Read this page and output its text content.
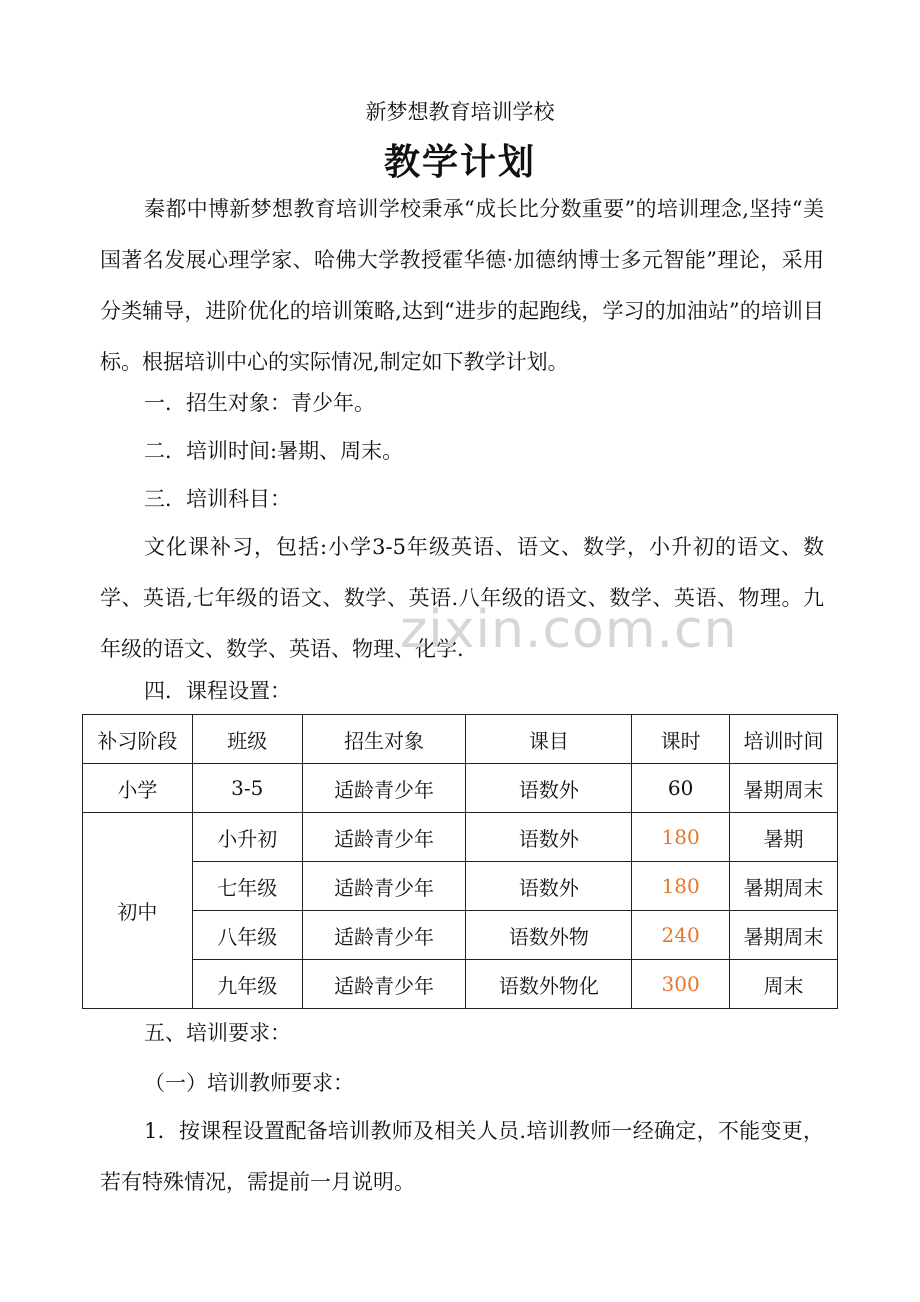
新梦想教育培训学校
教学计划
秦都中博新梦想教育培训学校秉承“成长比分数重要”的培训理念,坚持“美国著名发展心理学家、哈佛大学教授霍华德·加德纳博士多元智能”理论，采用分类辅导，进阶优化的培训策略,达到“进步的起跑线，学习的加油站”的培训目标。根据培训中心的实际情况,制定如下教学计划。
一．招生对象：青少年。
二．培训时间:暑期、周末。
三．培训科目：
文化课补习，包括:小学3-5年级英语、语文、数学，小升初的语文、数学、英语,七年级的语文、数学、英语.八年级的语文、数学、英语、物理。九年级的语文、数学、英语、物理、化学.
四．课程设置：
zixin.com.cn
补习阶段	班级	招生对象	课目	课时	培训时间
小学	3-5	适龄青少年	语数外	60	暑期周末
初中	小升初	适龄青少年	语数外	180	暑期
	七年级	适龄青少年	语数外	180	暑期周末
	八年级	适龄青少年	语数外物	240	暑期周末
	九年级	适龄青少年	语数外物化	300	周末
五、培训要求：
（一）培训教师要求：
1．按课程设置配备培训教师及相关人员.培训教师一经确定，不能变更，若有特殊情况，需提前一月说明。
